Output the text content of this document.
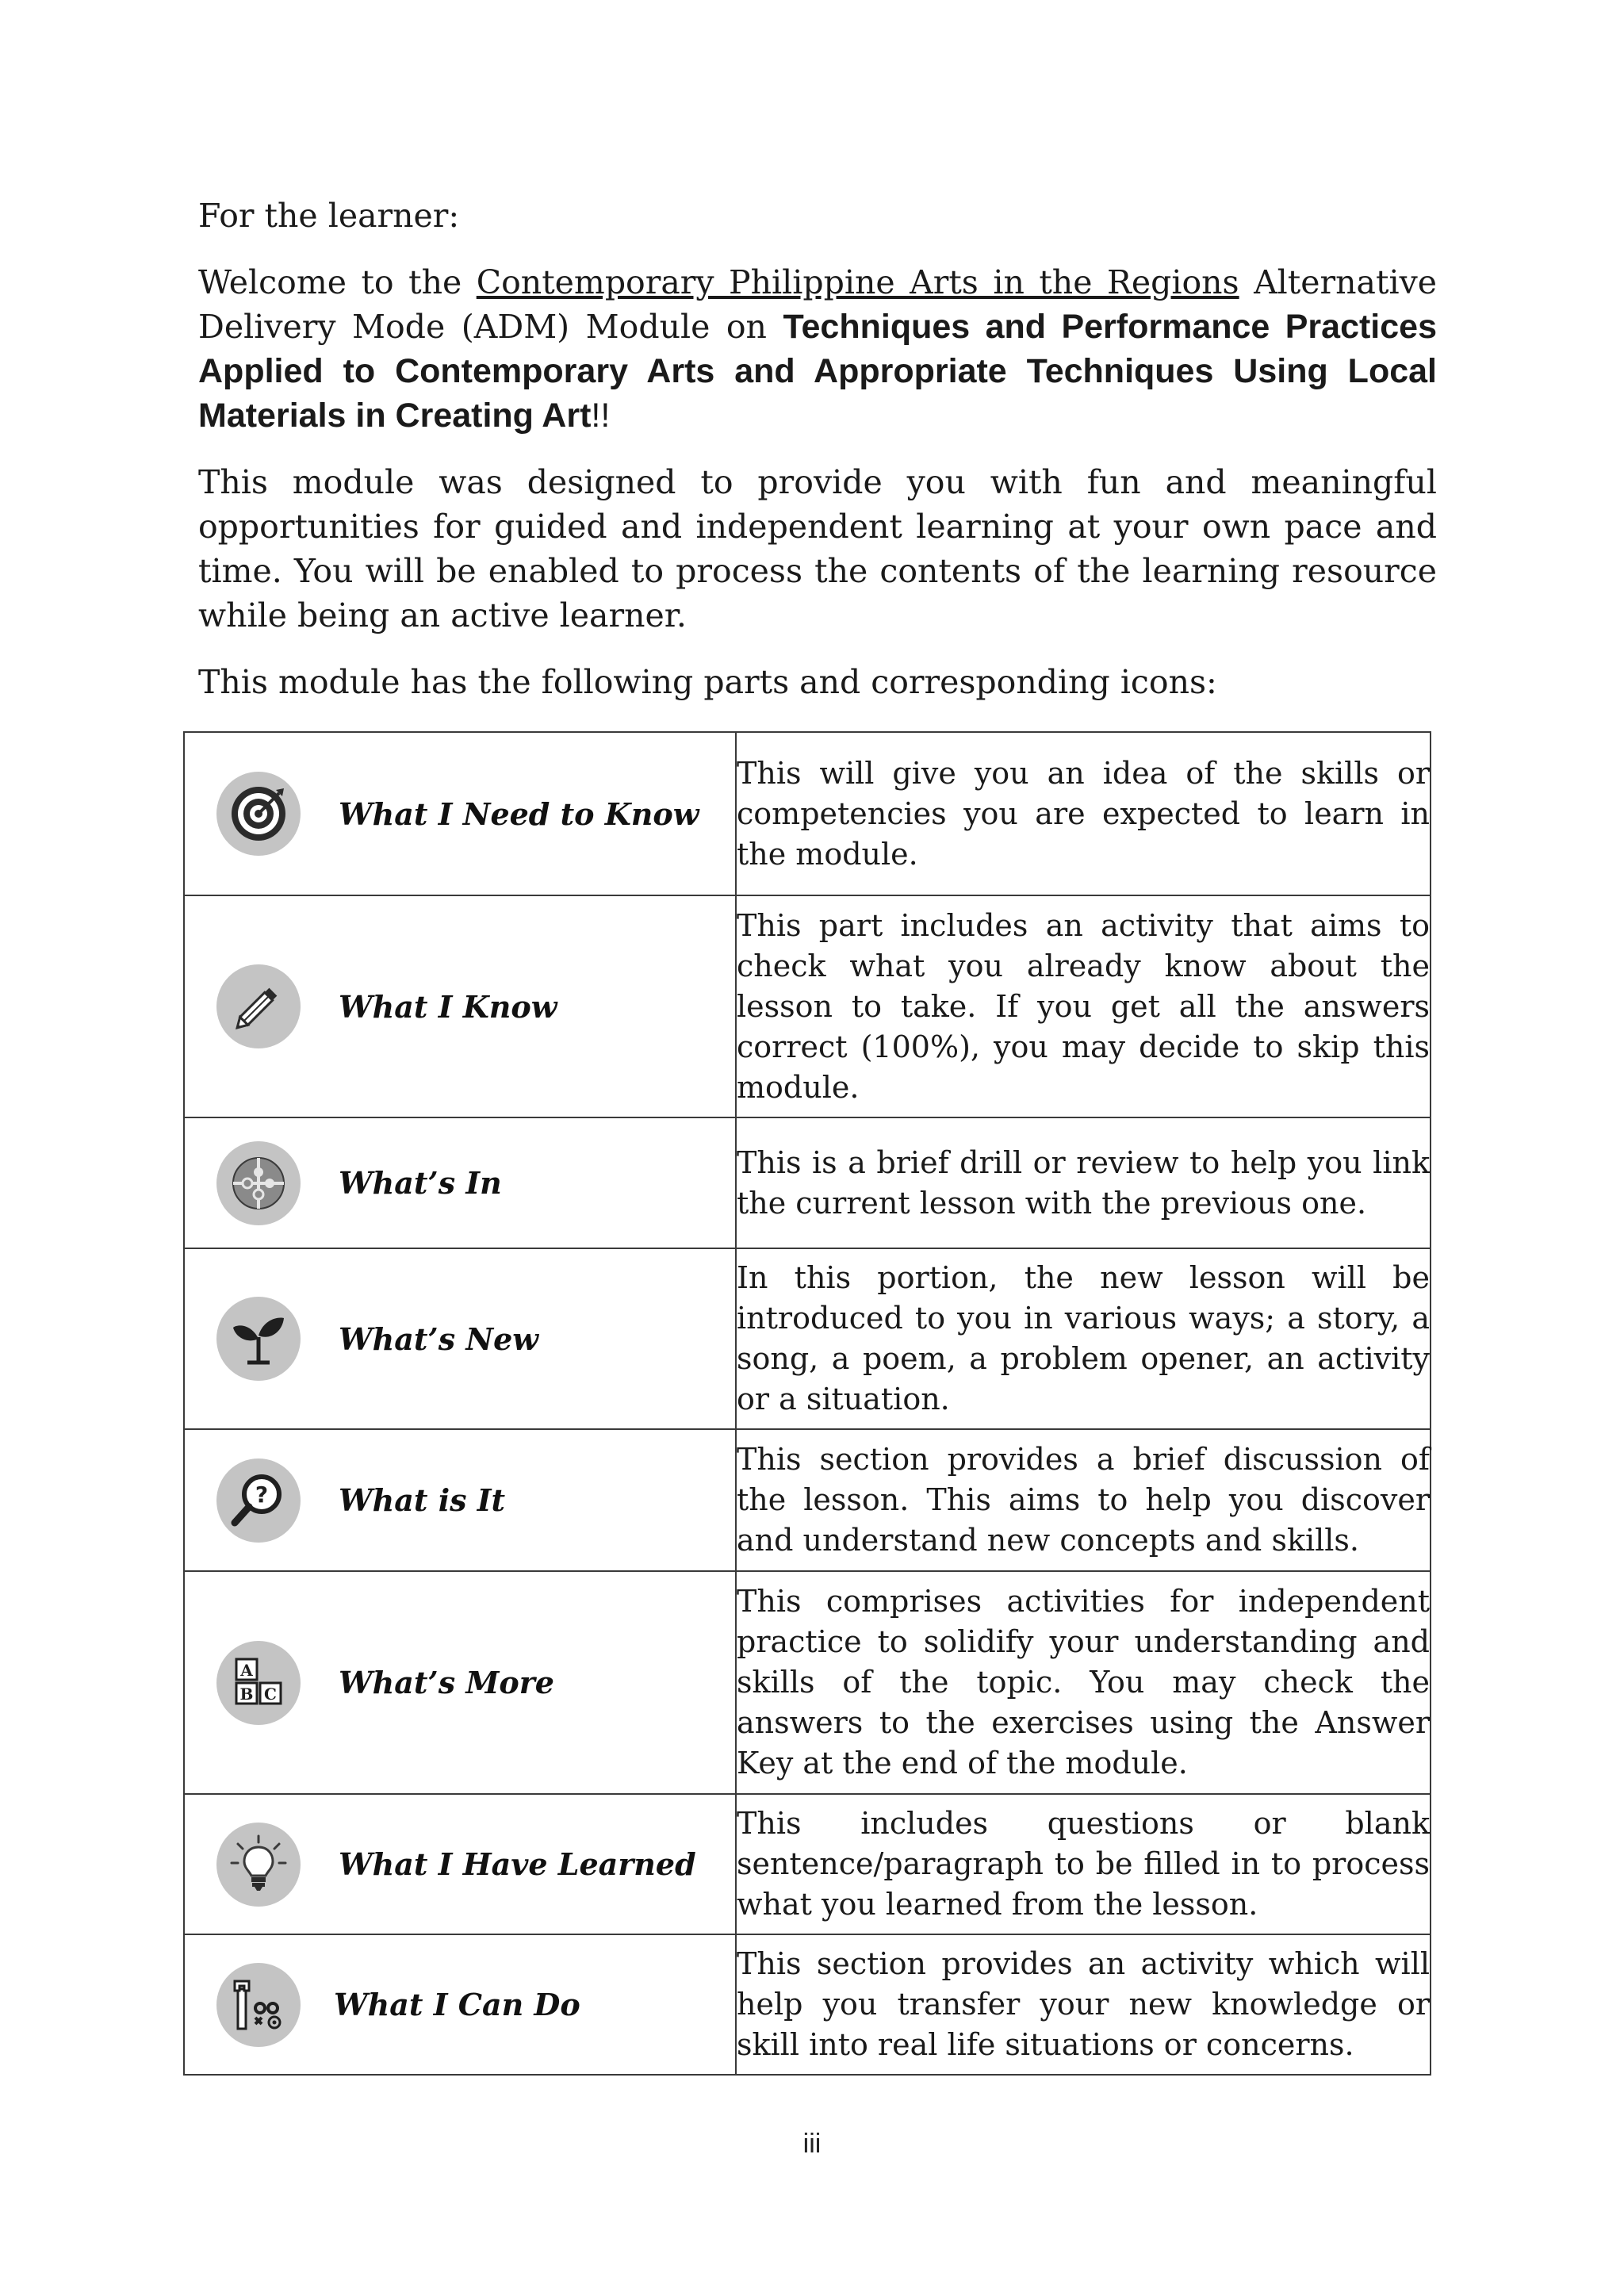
For the learner:

Welcome to the Contemporary Philippine Arts in the Regions Alternative Delivery Mode (ADM) Module on Techniques and Performance Practices Applied to Contemporary Arts and Appropriate Techniques Using Local Materials in Creating Art!!

This module was designed to provide you with fun and meaningful opportunities for guided and independent learning at your own pace and time. You will be enabled to process the contents of the learning resource while being an active learner.

This module has the following parts and corresponding icons:

What I Need to Know	This will give you an idea of the skills or competencies you are expected to learn in the module.

What I Know	This part includes an activity that aims to check what you already know about the lesson to take. If you get all the answers correct (100%), you may decide to skip this module.

What’s In	This is a brief drill or review to help you link the current lesson with the previous one.

What’s New	In this portion, the new lesson will be introduced to you in various ways; a story, a song, a poem, a problem opener, an activity or a situation.

? What is It	This section provides a brief discussion of the lesson. This aims to help you discover and understand new concepts and skills.

A
B C What’s More	This comprises activities for independent practice to solidify your understanding and skills of the topic. You may check the answers to the exercises using the Answer Key at the end of the module.

What I Have Learned	This includes questions or blank sentence/paragraph to be filled in to process what you learned from the lesson.

What I Can Do	This section provides an activity which will help you transfer your new knowledge or skill into real life situations or concerns.
iii
